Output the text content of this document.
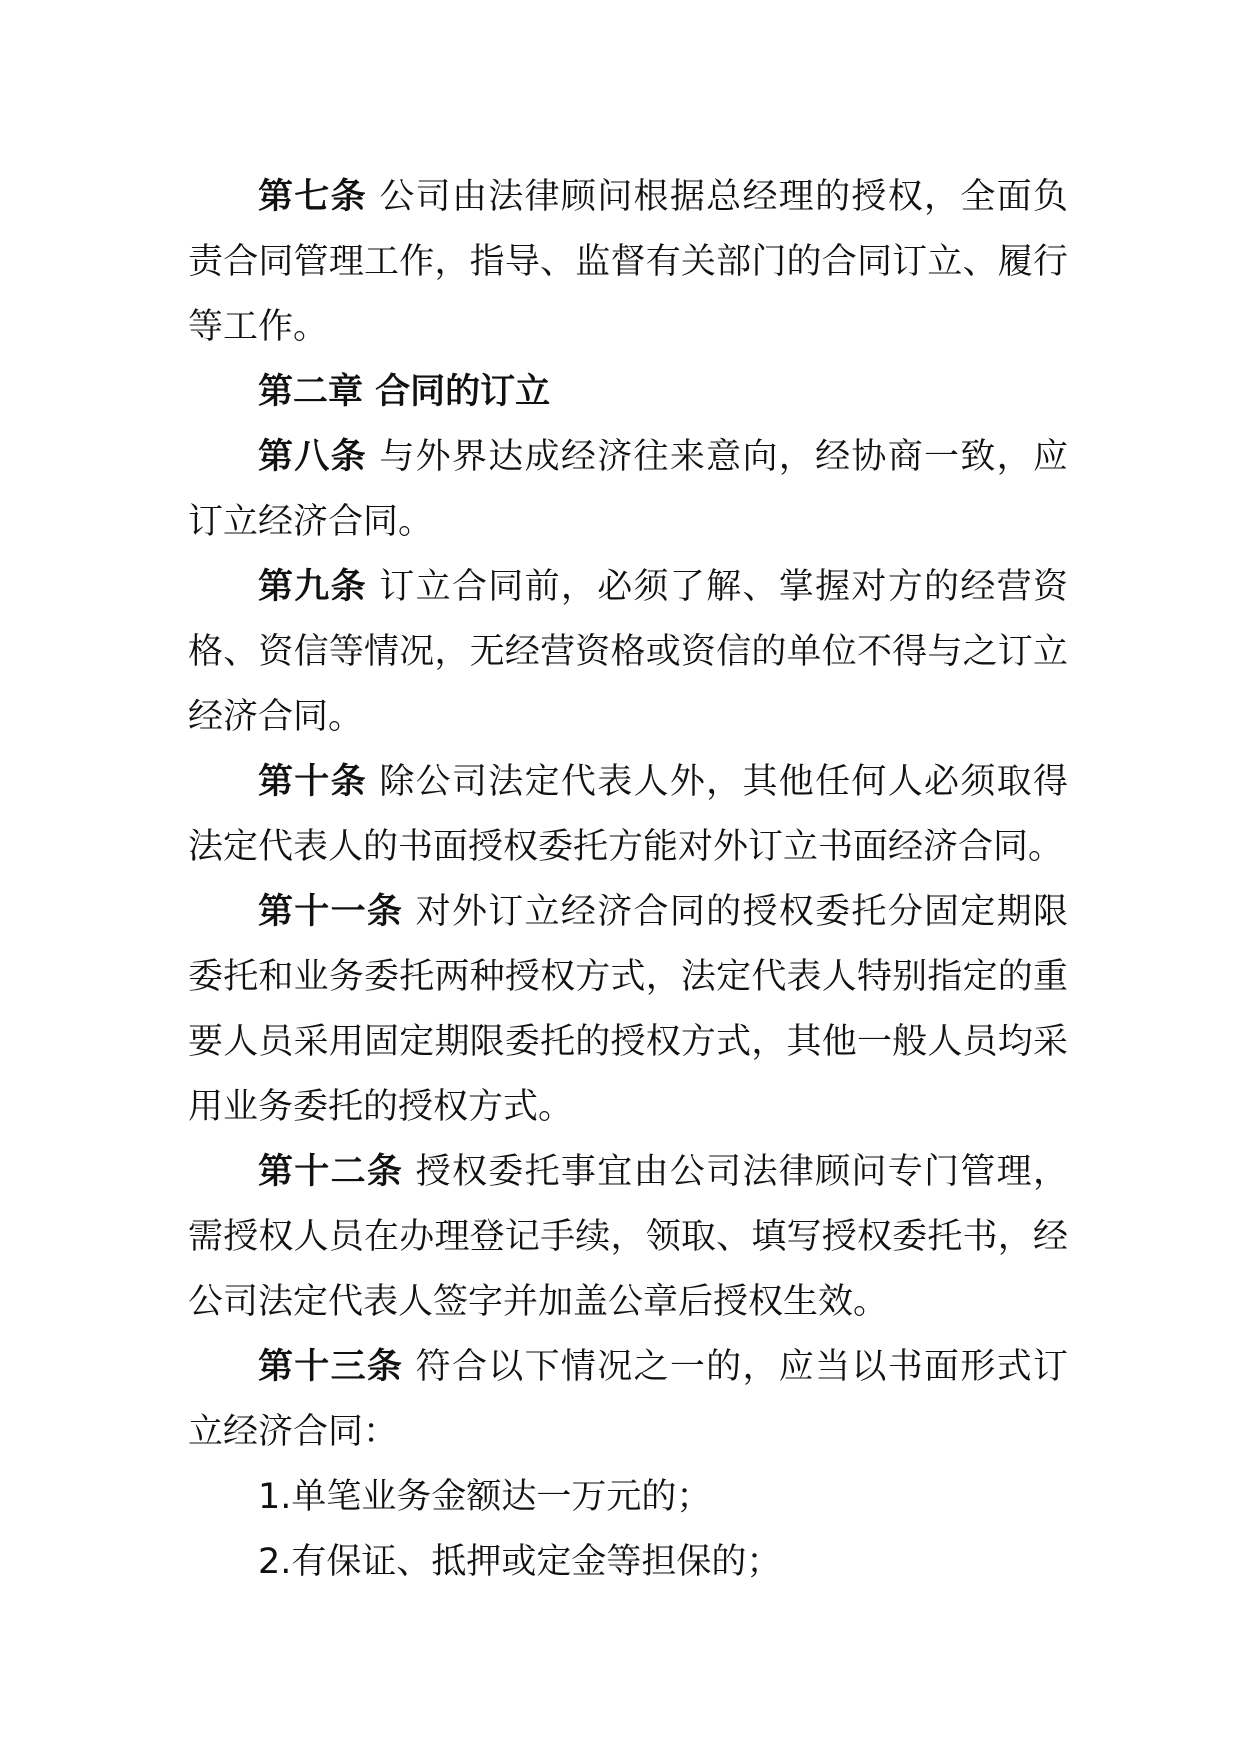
第七条 公司由法律顾问根据总经理的授权，全面负责合同管理工作，指导、监督有关部门的合同订立、履行等工作。

第二章 合同的订立

第八条 与外界达成经济往来意向，经协商一致，应订立经济合同。

第九条 订立合同前，必须了解、掌握对方的经营资格、资信等情况，无经营资格或资信的单位不得与之订立经济合同。

第十条 除公司法定代表人外，其他任何人必须取得法定代表人的书面授权委托方能对外订立书面经济合同。

第十一条 对外订立经济合同的授权委托分固定期限委托和业务委托两种授权方式，法定代表人特别指定的重要人员采用固定期限委托的授权方式，其他一般人员均采用业务委托的授权方式。

第十二条 授权委托事宜由公司法律顾问专门管理，需授权人员在办理登记手续，领取、填写授权委托书，经公司法定代表人签字并加盖公章后授权生效。

第十三条 符合以下情况之一的，应当以书面形式订立经济合同：

1.单笔业务金额达一万元的；

2.有保证、抵押或定金等担保的；
